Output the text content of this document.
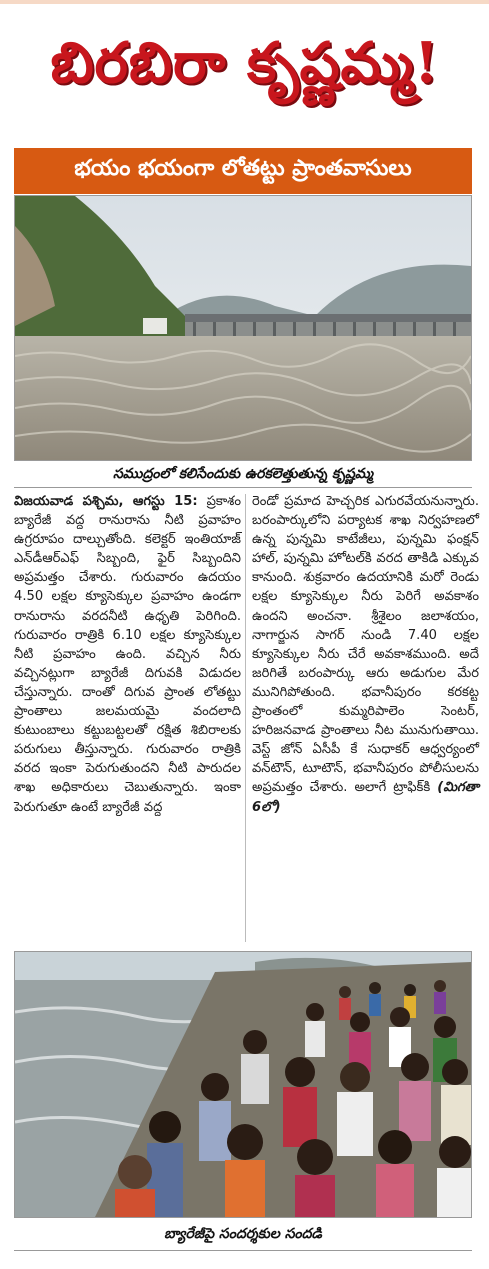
బిరబిరా కృష్ణమ్మ!
భయం భయంగా లోతట్టు ప్రాంతవాసులు
సముద్రంలో కలిసేందుకు ఉరకలెత్తుతున్న కృష్ణమ్మ

విజయవాడ పశ్చిమ, ఆగస్టు 15: ప్రకాశం బ్యారేజీ వద్ద రానురాను నీటి ప్రవాహం ఉగ్రరూపం దాల్చుతోంది. కలెక్టర్ ఇంతియాజ్ ఎన్‌డీఆర్‌ఎఫ్ సిబ్బంది, ఫైర్ సిబ్బందిని అప్రమత్తం చేశారు. గురువారం ఉదయం 4.50 లక్షల క్యూసెక్కుల ప్రవాహం ఉండగా రానురాను వరదనీటి ఉధృతి పెరిగింది. గురువారం రాత్రికి 6.10 లక్షల క్యూసెక్కుల నీటి ప్రవాహం ఉంది. వచ్చిన నీరు వచ్చినట్లుగా బ్యారేజీ దిగువకి విడుదల చేస్తున్నారు. దాంతో దిగువ ప్రాంత లోతట్టు ప్రాంతాలు జలమయమై వందలాది కుటుంబాలు కట్టుబట్టలతో రక్షిత శిబిరాలకు పరుగులు తీస్తున్నారు. గురువారం రాత్రికి వరద ఇంకా పెరుగుతుందని నీటి పారుదల శాఖ అధికారులు చెబుతున్నారు. ఇంకా పెరుగుతూ ఉంటే బ్యారేజీ వద్ద

రెండో ప్రమాద హెచ్చరిక ఎగురవేయనున్నారు. బరంపార్కులోని పర్యాటక శాఖ నిర్వహణలో ఉన్న పున్నమి కాటేజీలు, పున్నమి ఫంక్షన్ హాల్, పున్నమి హోటల్‌కి వరద తాకిడి ఎక్కువ కానుంది. శుక్రవారం ఉదయానికి మరో రెండు లక్షల క్యూసెక్కుల నీరు పెరిగే అవకాశం ఉందని అంచనా. శ్రీశైలం జలాశయం, నాగార్జున సాగర్ నుండి 7.40 లక్షల క్యూసెక్కుల నీరు చేరే అవకాశముంది. అదే జరిగితే బరంపార్కు ఆరు అడుగుల మేర మునిగిపోతుంది. భవానీపురం కరకట్ట ప్రాంతంలో కుమ్మరిపాలెం సెంటర్, హరిజనవాడ ప్రాంతాలు నీట మునుగుతాయి. వెస్ట్ జోన్ ఏసీపీ కే సుధాకర్ ఆధ్వర్యంలో వన్‌టౌన్, టూటౌన్, భవానీపురం పోలీసులను అప్రమత్తం చేశారు. అలాగే ట్రాఫిక్‌కి (మిగతా 6లో)

బ్యారేజీపై సందర్శకుల సందడి
